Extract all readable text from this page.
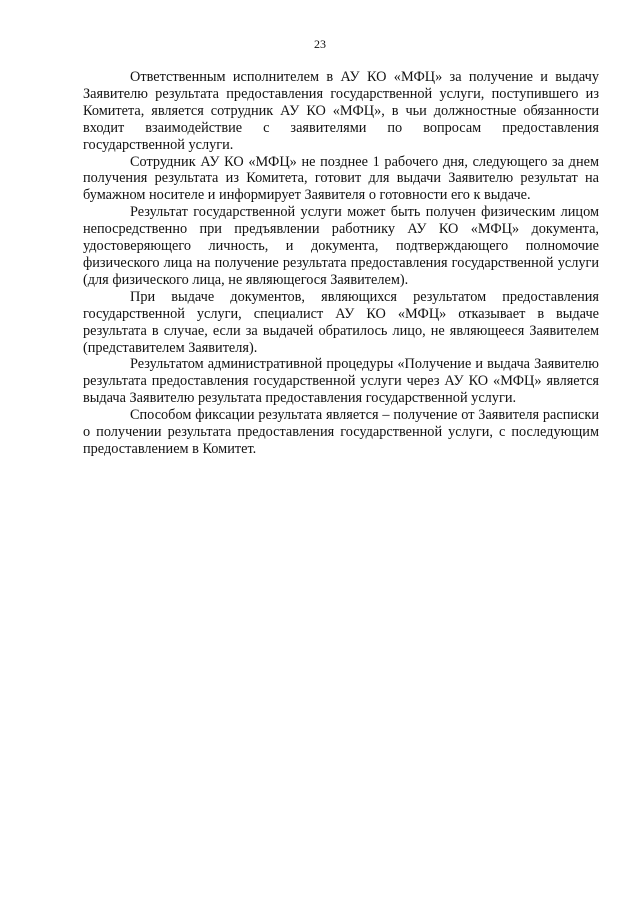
23

Ответственным исполнителем в АУ КО «МФЦ» за получение и выдачу Заявителю результата предоставления государственной услуги, поступившего из Комитета, является сотрудник АУ КО «МФЦ», в чьи должностные обязанности входит взаимодействие с заявителями по вопросам предоставления государственной услуги.

Сотрудник АУ КО «МФЦ» не позднее 1 рабочего дня, следующего за днем получения результата из Комитета, готовит для выдачи Заявителю результат на бумажном носителе и информирует Заявителя о готовности его к выдаче.

Результат государственной услуги может быть получен физическим лицом непосредственно при предъявлении работнику АУ КО «МФЦ» документа, удостоверяющего личность, и документа, подтверждающего полномочие физического лица на получение результата предоставления государственной услуги (для физического лица, не являющегося Заявителем).

При выдаче документов, являющихся результатом предоставления государственной услуги, специалист АУ КО «МФЦ» отказывает в выдаче результата в случае, если за выдачей обратилось лицо, не являющееся Заявителем (представителем Заявителя).

Результатом административной процедуры «Получение и выдача Заявителю результата предоставления государственной услуги через АУ КО «МФЦ» является выдача Заявителю результата предоставления государственной услуги.

Способом фиксации результата является – получение от Заявителя расписки о получении результата предоставления государственной услуги, с последующим предоставлением в Комитет.
